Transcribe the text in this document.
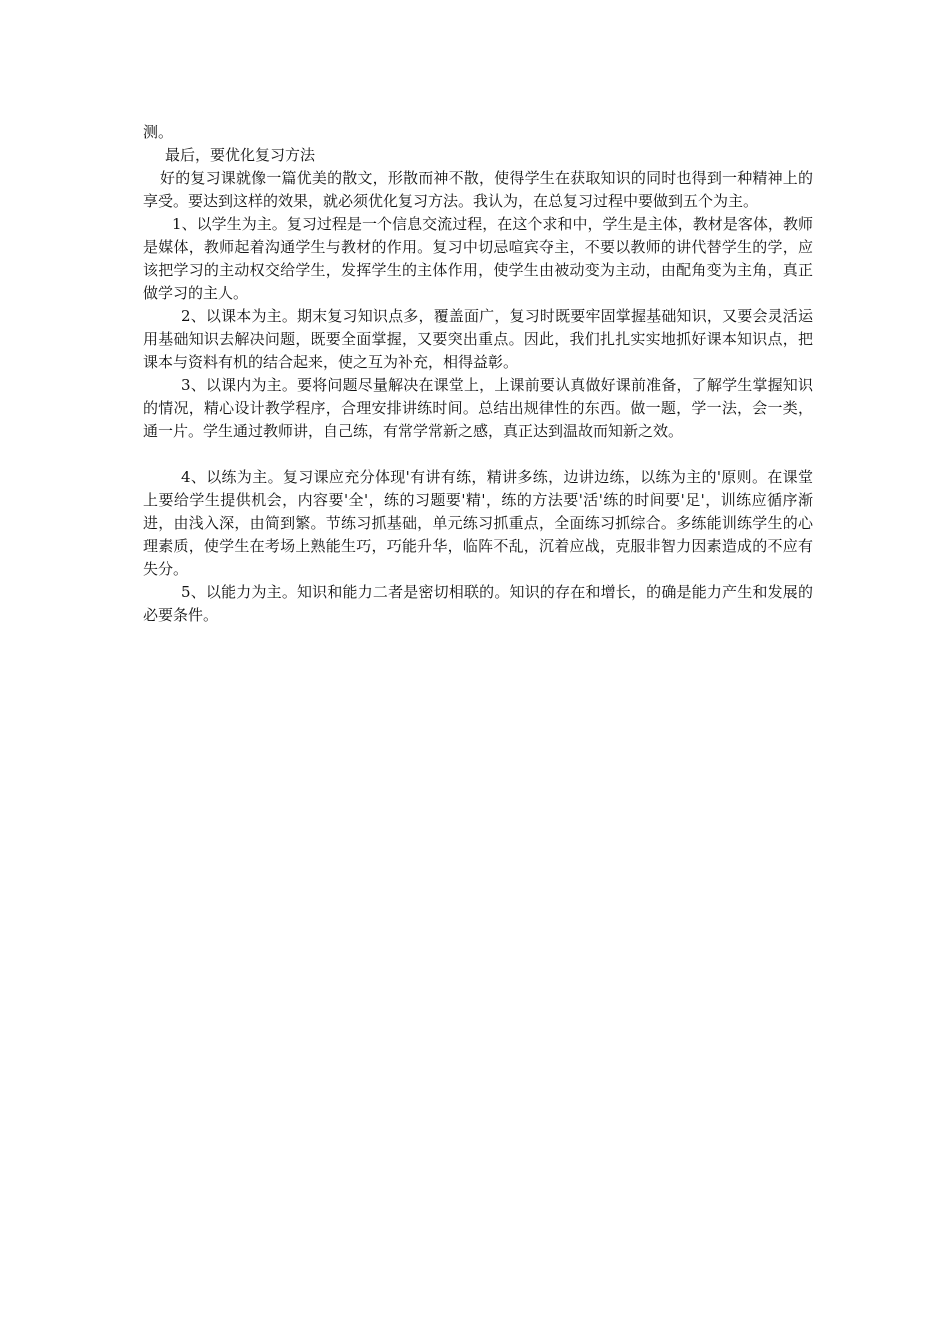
测。

最后，要优化复习方法

好的复习课就像一篇优美的散文，形散而神不散，使得学生在获取知识的同时也得到一种精神上的享受。要达到这样的效果，就必须优化复习方法。我认为，在总复习过程中要做到五个为主。

1、以学生为主。复习过程是一个信息交流过程，在这个求和中，学生是主体，教材是客体，教师是媒体，教师起着沟通学生与教材的作用。复习中切忌喧宾夺主，不要以教师的讲代替学生的学，应该把学习的主动权交给学生，发挥学生的主体作用，使学生由被动变为主动，由配角变为主角，真正做学习的主人。

2、以课本为主。期末复习知识点多，覆盖面广，复习时既要牢固掌握基础知识，又要会灵活运用基础知识去解决问题，既要全面掌握，又要突出重点。因此，我们扎扎实实地抓好课本知识点，把课本与资料有机的结合起来，使之互为补充，相得益彰。

3、以课内为主。要将问题尽量解决在课堂上，上课前要认真做好课前准备，了解学生掌握知识的情况，精心设计教学程序，合理安排讲练时间。总结出规律性的东西。做一题，学一法，会一类，通一片。学生通过教师讲，自己练，有常学常新之感，真正达到温故而知新之效。

4、以练为主。复习课应充分体现'有讲有练，精讲多练，边讲边练，以练为主的'原则。在课堂上要给学生提供机会，内容要'全'，练的习题要'精'，练的方法要'活'练的时间要'足'，训练应循序渐进，由浅入深，由简到繁。节练习抓基础，单元练习抓重点，全面练习抓综合。多练能训练学生的心理素质，使学生在考场上熟能生巧，巧能升华，临阵不乱，沉着应战，克服非智力因素造成的不应有失分。

5、以能力为主。知识和能力二者是密切相联的。知识的存在和增长，的确是能力产生和发展的必要条件。
